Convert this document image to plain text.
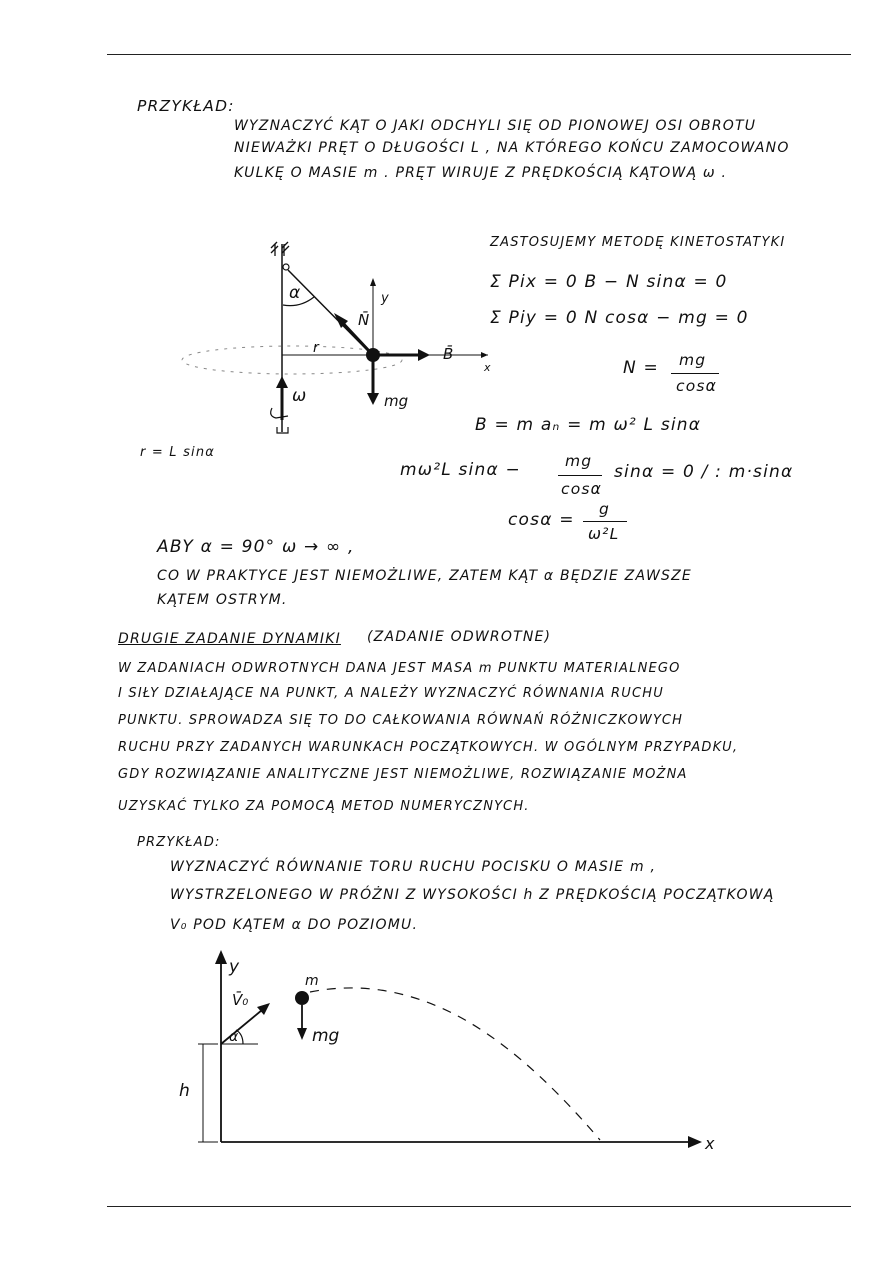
PRZYKŁAD:
WYZNACZYĆ KĄT O JAKI ODCHYLI SIĘ OD PIONOWEJ OSI OBROTU
NIEWAŻKI PRĘT O DŁUGOŚCI L , NA KTÓREGO KOŃCU ZAMOCOWANO
KULKĘ O MASIE m . PRĘT WIRUJE Z PRĘDKOŚCIĄ KĄTOWĄ ω .
α
N̄
r	B̄
mg
ω
y
x
ZASTOSUJEMY METODĘ KINETOSTATYKI
Σ Pix = 0 B − N sinα = 0
Σ Piy = 0 N cosα − mg = 0
N = mg
cosα
B = m aₙ = m ω² L sinα
r = L sinα
mω²L sinα −	mg
cosα
sinα = 0 / : m·sinα
cosα =
g
ω²L
ABY α = 90° ω → ∞ ,
CO W PRAKTYCE JEST NIEMOŻLIWE, ZATEM KĄT α BĘDZIE ZAWSZE
KĄTEM OSTRYM.
DRUGIE ZADANIE DYNAMIKI (ZADANIE ODWROTNE)
W ZADANIACH ODWROTNYCH DANA JEST MASA m PUNKTU MATERIALNEGO
I SIŁY DZIAŁAJĄCE NA PUNKT, A NALEŻY WYZNACZYĆ RÓWNANIA RUCHU
PUNKTU. SPROWADZA SIĘ TO DO CAŁKOWANIA RÓWNAŃ RÓŻNICZKOWYCH
RUCHU PRZY ZADANYCH WARUNKACH POCZĄTKOWYCH. W OGÓLNYM PRZYPADKU,
GDY ROZWIĄZANIE ANALITYCZNE JEST NIEMOŻLIWE, ROZWIĄZANIE MOŻNA
UZYSKAĆ TYLKO ZA POMOCĄ METOD NUMERYCZNYCH.
PRZYKŁAD:
WYZNACZYĆ RÓWNANIE TORU RUCHU POCISKU O MASIE m ,
WYSTRZELONEGO W PRÓŻNI Z WYSOKOŚCI h Z PRĘDKOŚCIĄ POCZĄTKOWĄ
V₀ POD KĄTEM α DO POZIOMU.
y
V̄₀
m
mg
α
h
x
